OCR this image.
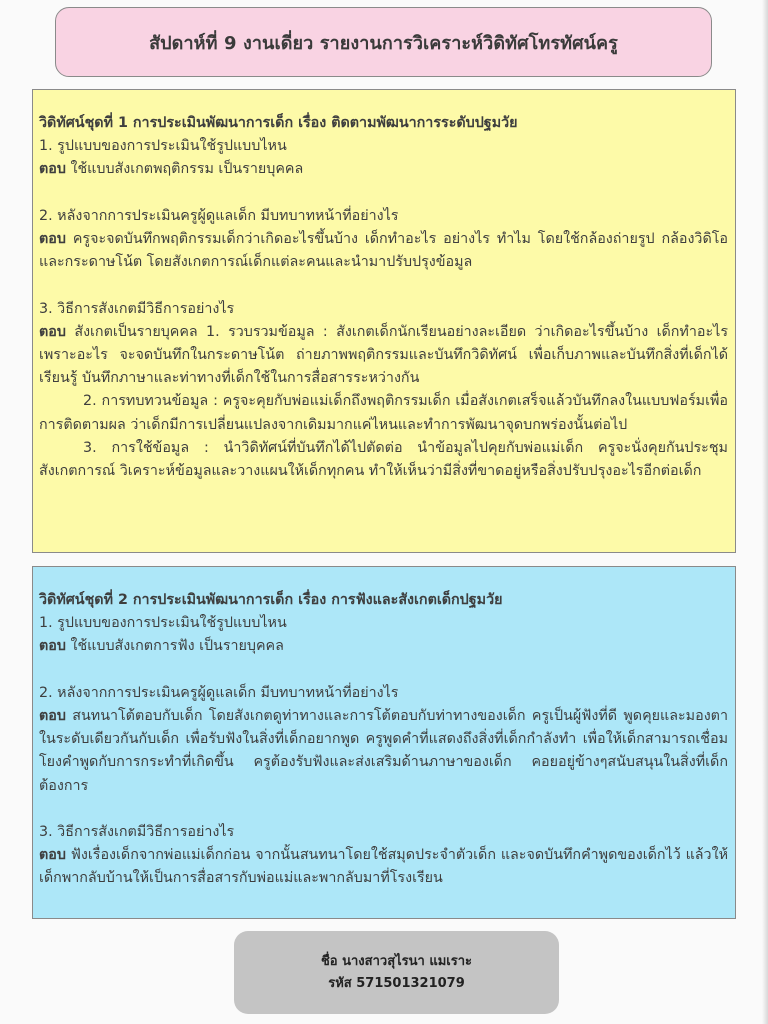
สัปดาห์ที่ 9 งานเดี่ยว รายงานการวิเคราะห์วิดิทัศโทรทัศน์ครู

วิดิทัศน์ชุดที่ 1 การประเมินพัฒนาการเด็ก เรื่อง ติดตามพัฒนาการระดับปฐมวัย

1. รูปแบบของการประเมินใช้รูปแบบไหน

ตอบ ใช้แบบสังเกตพฤติกรรม เป็นรายบุคคล

2. หลังจากการประเมินครูผู้ดูแลเด็ก มีบทบาทหน้าที่อย่างไร

ตอบ ครูจะจดบันทึกพฤติกรรมเด็กว่าเกิดอะไรขึ้นบ้าง เด็กทำอะไร อย่างไร ทำไม โดยใช้กล้องถ่ายรูป กล้องวิดิโอ และกระดาษโน้ต โดยสังเกตการณ์เด็กแต่ละคนและนำมาปรับปรุงข้อมูล

3. วิธีการสังเกตมีวิธีการอย่างไร

ตอบ สังเกตเป็นรายบุคคล 1. รวบรวมข้อมูล : สังเกตเด็กนักเรียนอย่างละเอียด ว่าเกิดอะไรขึ้นบ้าง เด็กทำอะไร เพราะอะไร จะจดบันทึกในกระดาษโน้ต ถ่ายภาพพฤติกรรมและบันทึกวิดิทัศน์ เพื่อเก็บภาพและบันทึกสิ่งที่เด็กได้เรียนรู้ บันทึกภาษาและท่าทางที่เด็กใช้ในการสื่อสารระหว่างกัน

2. การทบทวนข้อมูล : ครูจะคุยกับพ่อแม่เด็กถึงพฤติกรรมเด็ก เมื่อสังเกตเสร็จแล้วบันทึกลงในแบบฟอร์มเพื่อการติดตามผล ว่าเด็กมีการเปลี่ยนแปลงจากเดิมมากแค่ไหนและทำการพัฒนาจุดบกพร่องนั้นต่อไป

3. การใช้ข้อมูล : นำวิดิทัศน์ที่บันทึกได้ไปตัดต่อ นำข้อมูลไปคุยกับพ่อแม่เด็ก ครูจะนั่งคุยกันประชุมสังเกตการณ์ วิเคราะห์ข้อมูลและวางแผนให้เด็กทุกคน ทำให้เห็นว่ามีสิ่งที่ขาดอยู่หรือสิ่งปรับปรุงอะไรอีกต่อเด็ก

วิดิทัศน์ชุดที่ 2 การประเมินพัฒนาการเด็ก เรื่อง การฟังและสังเกตเด็กปฐมวัย

1. รูปแบบของการประเมินใช้รูปแบบไหน

ตอบ ใช้แบบสังเกตการฟัง เป็นรายบุคคล

2. หลังจากการประเมินครูผู้ดูแลเด็ก มีบทบาทหน้าที่อย่างไร

ตอบ สนทนาโต้ตอบกับเด็ก โดยสังเกตดูท่าทางและการโต้ตอบกับท่าทางของเด็ก ครูเป็นผู้ฟังที่ดี พูดคุยและมองตาในระดับเดียวกันกับเด็ก เพื่อรับฟังในสิ่งที่เด็กอยากพูด ครูพูดคำที่แสดงถึงสิ่งที่เด็กกำลังทำ เพื่อให้เด็กสามารถเชื่อมโยงคำพูดกับการกระทำที่เกิดขึ้น ครูต้องรับฟังและส่งเสริมด้านภาษาของเด็ก คอยอยู่ข้างๆสนับสนุนในสิ่งที่เด็กต้องการ

3. วิธีการสังเกตมีวิธีการอย่างไร

ตอบ ฟังเรื่องเด็กจากพ่อแม่เด็กก่อน จากนั้นสนทนาโดยใช้สมุดประจำตัวเด็ก และจดบันทึกคำพูดของเด็กไว้ แล้วให้เด็กพากลับบ้านให้เป็นการสื่อสารกับพ่อแม่และพากลับมาที่โรงเรียน

ชื่อ นางสาวสุไรนา แมเราะ
รหัส 571501321079
